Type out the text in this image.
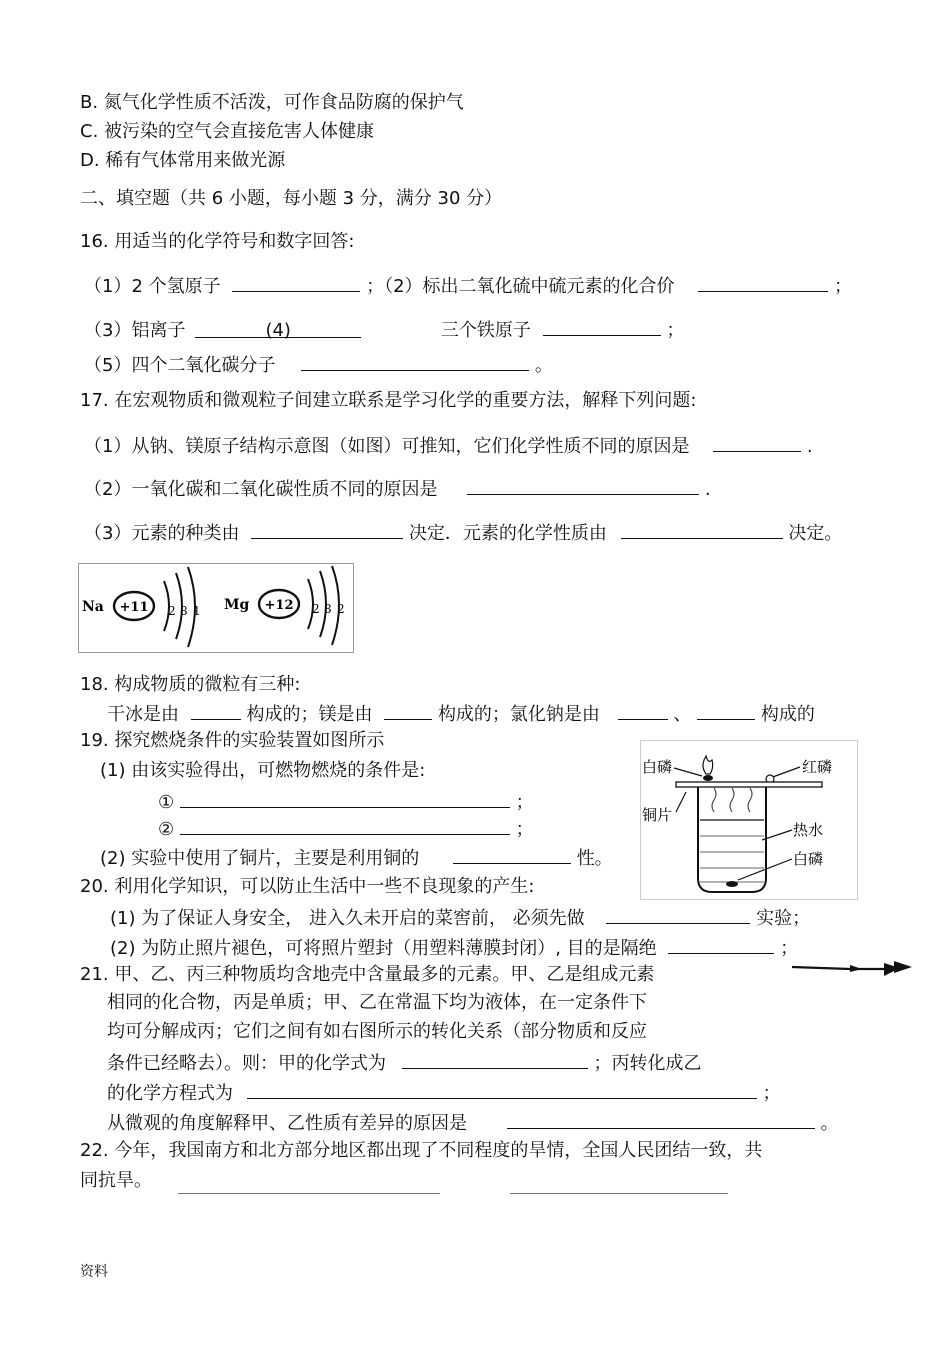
B. 氮气化学性质不活泼，可作食品防腐的保护气
C. 被污染的空气会直接危害人体健康
D. 稀有气体常用来做光源
二、填空题（共 6 小题，每小题 3 分，满分 30 分）
16. 用适当的化学符号和数字回答:
（1）2 个氢原子	；（2）标出二氧化硫中硫元素的化合价	；
（3）铝离子	(4)	三个铁原子	；
（5）四个二氧化碳分子	。
17. 在宏观物质和微观粒子间建立联系是学习化学的重要方法，解释下列问题:
（1）从钠、镁原子结构示意图（如图）可推知，它们化学性质不同的原因是	.
（2）一氧化碳和二氧化碳性质不同的原因是	.
（3）元素的种类由	决定．元素的化学性质由	决定。
Na +11 2 8 1 Mg +12 2 8 2
18. 构成物质的微粒有三种:
干冰是由	构成的；镁是由	构成的；氯化钠是由	、	构成的
19. 探究燃烧条件的实验装置如图所示
(1) 由该实验得出，可燃物燃烧的条件是:
①	；
②	；
(2) 实验中使用了铜片，主要是利用铜的	性。
白磷	红磷
铜片
热水
白磷
20. 利用化学知识，可以防止生活中一些不良现象的产生:
(1) 为了保证人身安全， 进入久未开启的菜窖前， 必须先做	实验；
(2) 为防止照片褪色，可将照片塑封（用塑料薄膜封闭）, 目的是隔绝	；
21. 甲、乙、丙三种物质均含地壳中含量最多的元素。甲、乙是组成元素
相同的化合物，丙是单质；甲、乙在常温下均为液体，在一定条件下
均可分解成丙；它们之间有如右图所示的转化关系（部分物质和反应
条件已经略去）。则：甲的化学式为	；丙转化成乙
的化学方程式为	；
从微观的角度解释甲、乙性质有差异的原因是	。
22. 今年，我国南方和北方部分地区都出现了不同程度的旱情，全国人民团结一致，共
同抗旱。
资料
